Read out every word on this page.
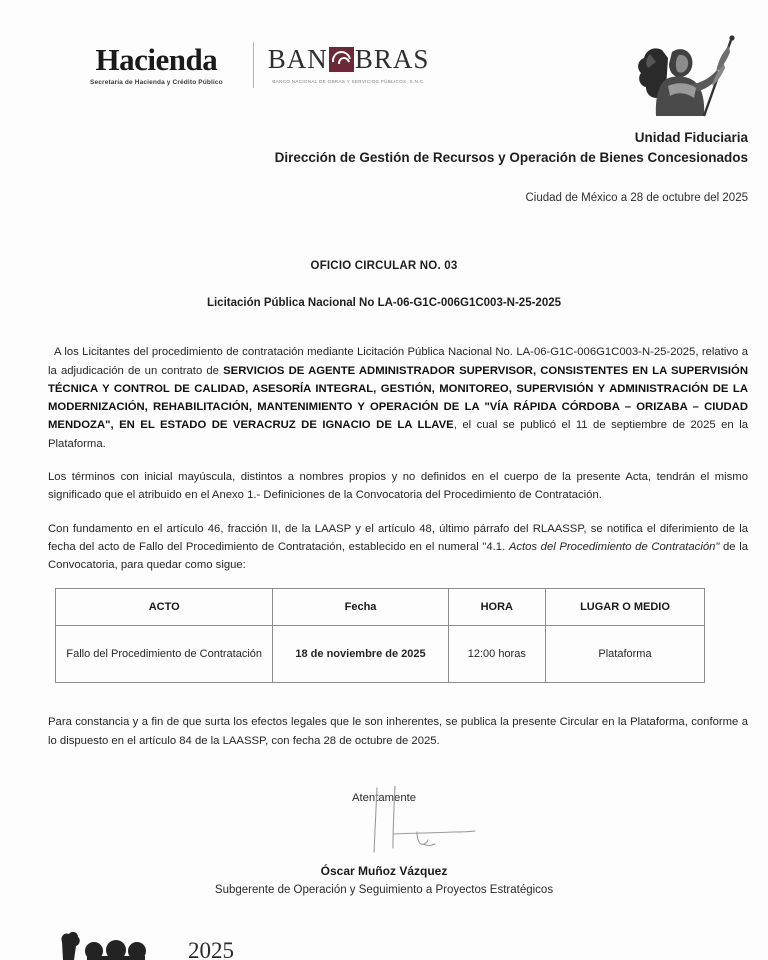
Hacienda
Secretaría de Hacienda y Crédito Público
BAN BRAS
BANCO NACIONAL DE OBRAS Y SERVICIOS PÚBLICOS, S.N.C.
Unidad Fiduciaria
Dirección de Gestión de Recursos y Operación de Bienes Concesionados
Ciudad de México a 28 de octubre del 2025
OFICIO CIRCULAR NO. 03
Licitación Pública Nacional No LA-06-G1C-006G1C003-N-25-2025

A los Licitantes del procedimiento de contratación mediante Licitación Pública Nacional No. LA-06-G1C-006G1C003-N-25-2025, relativo a la adjudicación de un contrato de SERVICIOS DE AGENTE ADMINISTRADOR SUPERVISOR, CONSISTENTES EN LA SUPERVISIÓN TÉCNICA Y CONTROL DE CALIDAD, ASESORÍA INTEGRAL, GESTIÓN, MONITOREO, SUPERVISIÓN Y ADMINISTRACIÓN DE LA MODERNIZACIÓN, REHABILITACIÓN, MANTENIMIENTO Y OPERACIÓN DE LA "VÍA RÁPIDA CÓRDOBA – ORIZABA – CIUDAD MENDOZA", EN EL ESTADO DE VERACRUZ DE IGNACIO DE LA LLAVE, el cual se publicó el 11 de septiembre de 2025 en la Plataforma.

Los términos con inicial mayúscula, distintos a nombres propios y no definidos en el cuerpo de la presente Acta, tendrán el mismo significado que el atribuido en el Anexo 1.- Definiciones de la Convocatoria del Procedimiento de Contratación.

Con fundamento en el artículo 46, fracción II, de la LAASP y el artículo 48, último párrafo del RLAASSP, se notifica el diferimiento de la fecha del acto de Fallo del Procedimiento de Contratación, establecido en el numeral "4.1. Actos del Procedimiento de Contratación" de la Convocatoria, para quedar como sigue:

ACTO	Fecha	HORA	LUGAR O MEDIO
Fallo del Procedimiento de Contratación	18 de noviembre de 2025	12:00 horas	Plataforma

Para constancia y a fin de que surta los efectos legales que le son inherentes, se publica la presente Circular en la Plataforma, conforme a lo dispuesto en el artículo 84 de la LAASSP, con fecha 28 de octubre de 2025.

Atentamente
Óscar Muñoz Vázquez
Subgerente de Operación y Seguimiento a Proyectos Estratégicos
2025
